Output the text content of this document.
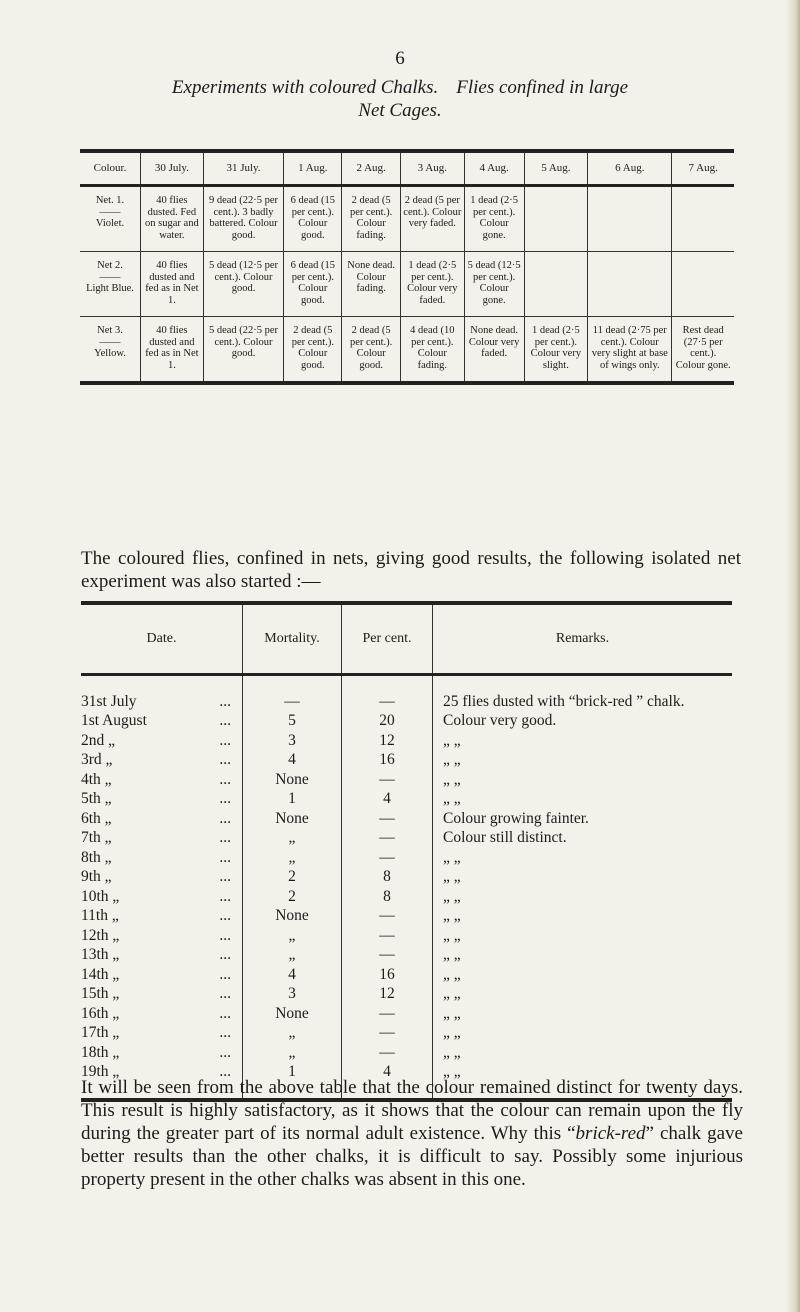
6
Experiments with coloured Chalks. Flies confined in large
Net Cages.
Colour.	30 July.	31 July.	1 Aug.	2 Aug.	3 Aug.	4 Aug.	5 Aug.	6 Aug.	7 Aug.

Net. 1.
——
Violet.	40 flies dusted. Fed on sugar and water.	9 dead (22·5 per cent.). 3 badly battered. Colour good.	6 dead (15 per cent.). Colour good.	2 dead (5 per cent.). Colour fading.	2 dead (5 per cent.). Colour very faded.	1 dead (2·5 per cent.). Colour gone.			

Net 2.
——
Light Blue.	40 flies dusted and fed as in Net 1.	5 dead (12·5 per cent.). Colour good.	6 dead (15 per cent.). Colour good.	None dead. Colour fading.	1 dead (2·5 per cent.). Colour very faded.	5 dead (12·5 per cent.). Colour gone.			

Net 3.
——
Yellow.	40 flies dusted and fed as in Net 1.	5 dead (22·5 per cent.). Colour good.	2 dead (5 per cent.). Colour good.	2 dead (5 per cent.). Colour good.	4 dead (10 per cent.). Colour fading.	None dead. Colour very faded.	1 dead (2·5 per cent.). Colour very slight.	11 dead (2·75 per cent.). Colour very slight at base of wings only.	Rest dead (27·5 per cent.). Colour gone.
The coloured flies, confined in nets, giving good results, the following isolated net experiment was also started :—
Date.	Mortality.	Per cent.	Remarks.

31st July ...	—	—	25 flies dusted with “brick-red ” chalk.

1st August ...	5	20	Colour very good.

2nd „ ...	3	12	„ „

3rd „ ...	4	16	„ „

4th „ ...	None	—	„ „

5th „ ...	1	4	„ „

6th „ ...	None	—	Colour growing fainter.

7th „ ...	„	—	Colour still distinct.

8th „ ...	„	—	„ „

9th „ ...	2	8	„ „

10th „ ...	2	8	„ „

11th „ ...	None	—	„ „

12th „ ...	„	—	„ „

13th „ ...	„	—	„ „

14th „ ...	4	16	„ „

15th „ ...	3	12	„ „

16th „ ...	None	—	„ „

17th „ ...	„	—	„ „

18th „ ...	„	—	„ „

19th „ ...	1	4	„ „
It will be seen from the above table that the colour remained distinct for twenty days. This result is highly satisfactory, as it shows that the colour can remain upon the fly during the greater part of its normal adult existence. Why this “brick-red” chalk gave better results than the other chalks, it is difficult to say. Possibly some injurious property present in the other chalks was absent in this one.
